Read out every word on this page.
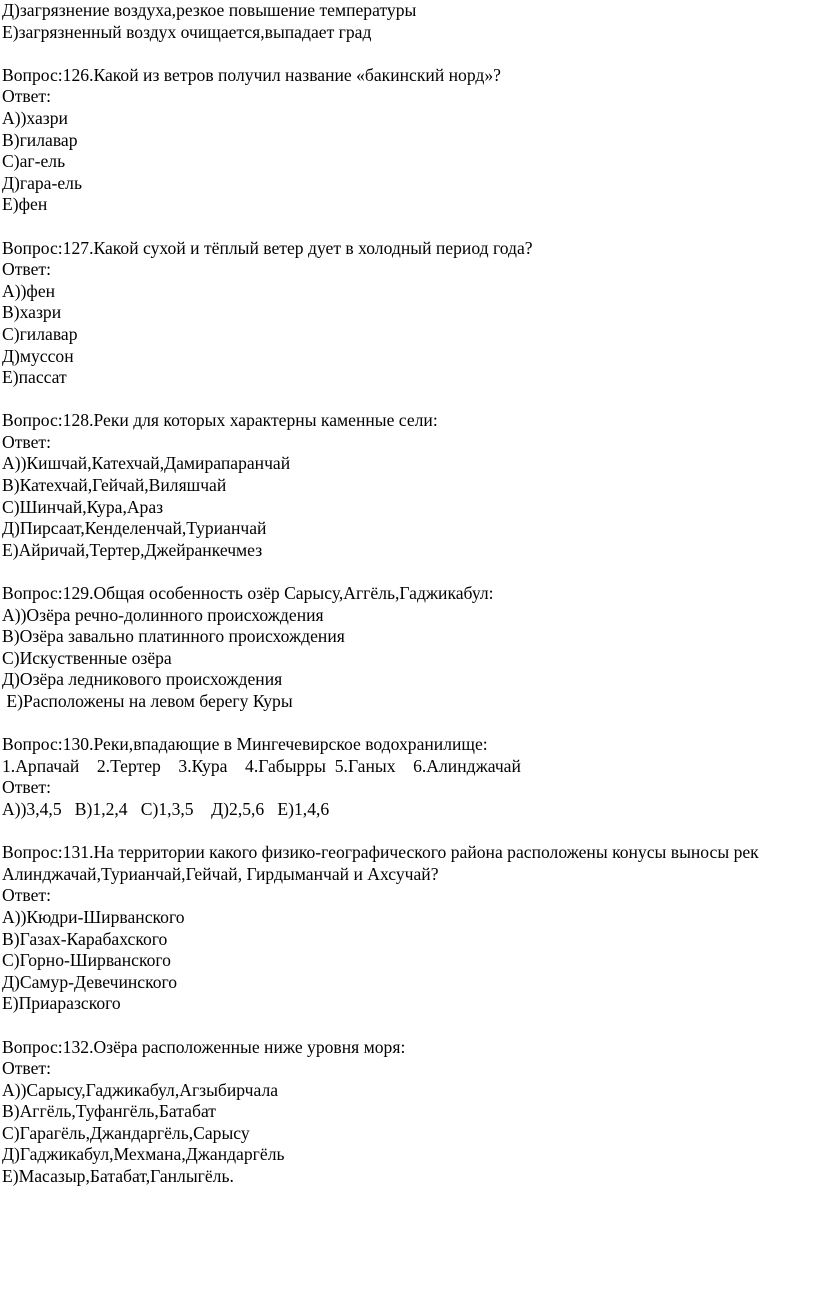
Д)загрязнение воздуха,резкое повышение температуры

Е)загрязненный воздух очищается,выпадает град

Вопрос:126.Какой из ветров получил название «бакинский норд»?

Ответ:

А))хазри

В)гилавар

С)аг-ель

Д)гара-ель

Е)фен

Вопрос:127.Какой сухой и тёплый ветер дует в холодный период года?

Ответ:

А))фен

В)хазри

С)гилавар

Д)муссон

Е)пассат

Вопрос:128.Реки для которых характерны каменные сели:

Ответ:

А))Кишчай,Катехчай,Дамирапаранчай

В)Катехчай,Гейчай,Виляшчай

С)Шинчай,Кура,Араз

Д)Пирсаат,Кенделенчай,Турианчай

Е)Айричай,Тертер,Джейранкечмез

Вопрос:129.Общая особенность озёр Сарысу,Аггёль,Гаджикабул:

А))Озёра речно-долинного происхождения

В)Озёра завально платинного происхождения

С)Искуственные озёра

Д)Озёра ледникового происхождения

Е)Расположены на левом берегу Куры

Вопрос:130.Реки,впадающие в Мингечевирское водохранилище:

1.Арпачай    2.Тертер    3.Кура    4.Габырры  5.Ганых    6.Алинджачай

Ответ:

А))3,4,5   В)1,2,4   С)1,3,5    Д)2,5,6   Е)1,4,6

Вопрос:131.На территории какого физико-географического района расположены конусы выносы рек

Алинджачай,Турианчай,Гейчай, Гирдыманчай и Ахсучай?

Ответ:

А))Кюдри-Ширванского

В)Газах-Карабахского

С)Горно-Ширванского

Д)Самур-Девечинского

Е)Приаразского

Вопрос:132.Озёра расположенные ниже уровня моря:

Ответ:

А))Сарысу,Гаджикабул,Агзыбирчала

В)Аггёль,Туфангёль,Батабат

С)Гарагёль,Джандаргёль,Сарысу

Д)Гаджикабул,Мехмана,Джандаргёль

Е)Масазыр,Батабат,Ганлыгёль.
